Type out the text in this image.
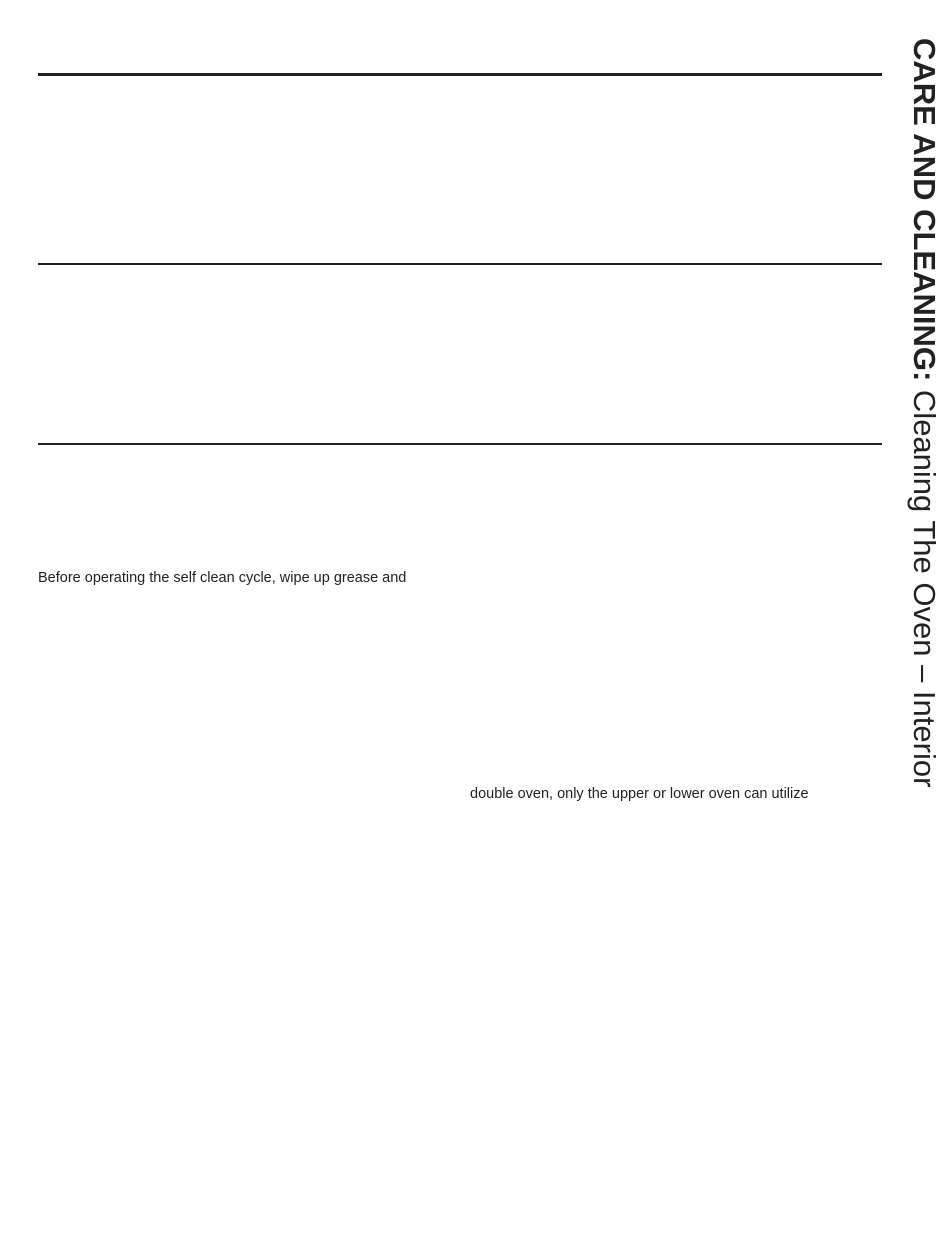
Before operating the self clean cycle, wipe up grease and
double oven, only the upper or lower oven can utilize
CARE AND CLEANING: Cleaning The Oven – Interior
